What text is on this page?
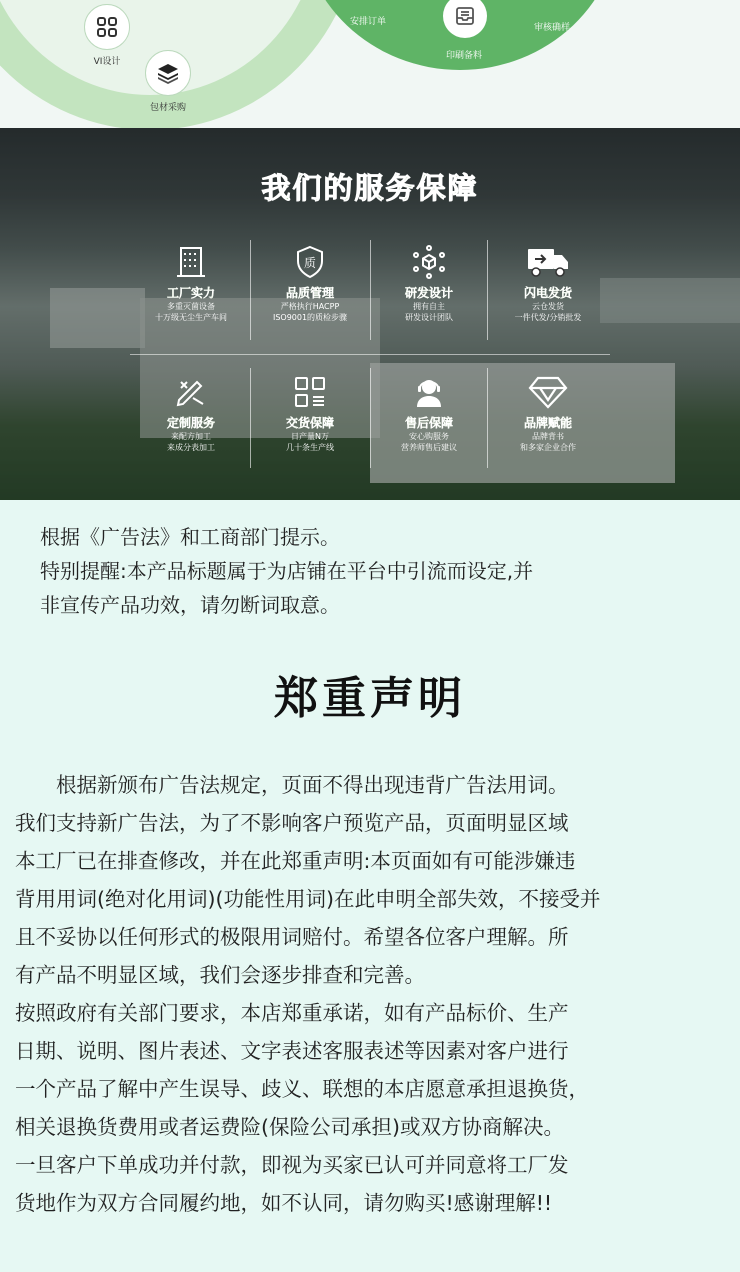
VI设计
包材采购
安排订单
印刷备料
审核确样
我们的服务保障
工厂实力
多重灭菌设备
十万级无尘生产车间
质
品质管理
严格执行HACPP
ISO9001的质检步骤
研发设计
拥有自主
研发设计团队
闪电发货
云仓发货
一件代发/分销批发
定制服务
来配方加工
来成分表加工
交货保障
日产量N万
几十条生产线
售后保障
安心购服务
营养师售后建议
品牌赋能
品牌背书
和多家企业合作
根据《广告法》和工商部门提示。
特别提醒:本产品标题属于为店铺在平台中引流而设定,并
非宣传产品功效，请勿断词取意。
郑重声明
　　根据新颁布广告法规定，页面不得出现违背广告法用词。
我们支持新广告法，为了不影响客户预览产品，页面明显区域
本工厂已在排查修改，并在此郑重声明:本页面如有可能涉嫌违
背用用词(绝对化用词)(功能性用词)在此申明全部失效，不接受并
且不妥协以任何形式的极限用词赔付。希望各位客户理解。所
有产品不明显区域，我们会逐步排查和完善。
按照政府有关部门要求，本店郑重承诺，如有产品标价、生产
日期、说明、图片表述、文字表述客服表述等因素对客户进行
一个产品了解中产生误导、歧义、联想的本店愿意承担退换货，
相关退换货费用或者运费险(保险公司承担)或双方协商解决。
一旦客户下单成功并付款，即视为买家已认可并同意将工厂发
货地作为双方合同履约地，如不认同，请勿购买!感谢理解!!
